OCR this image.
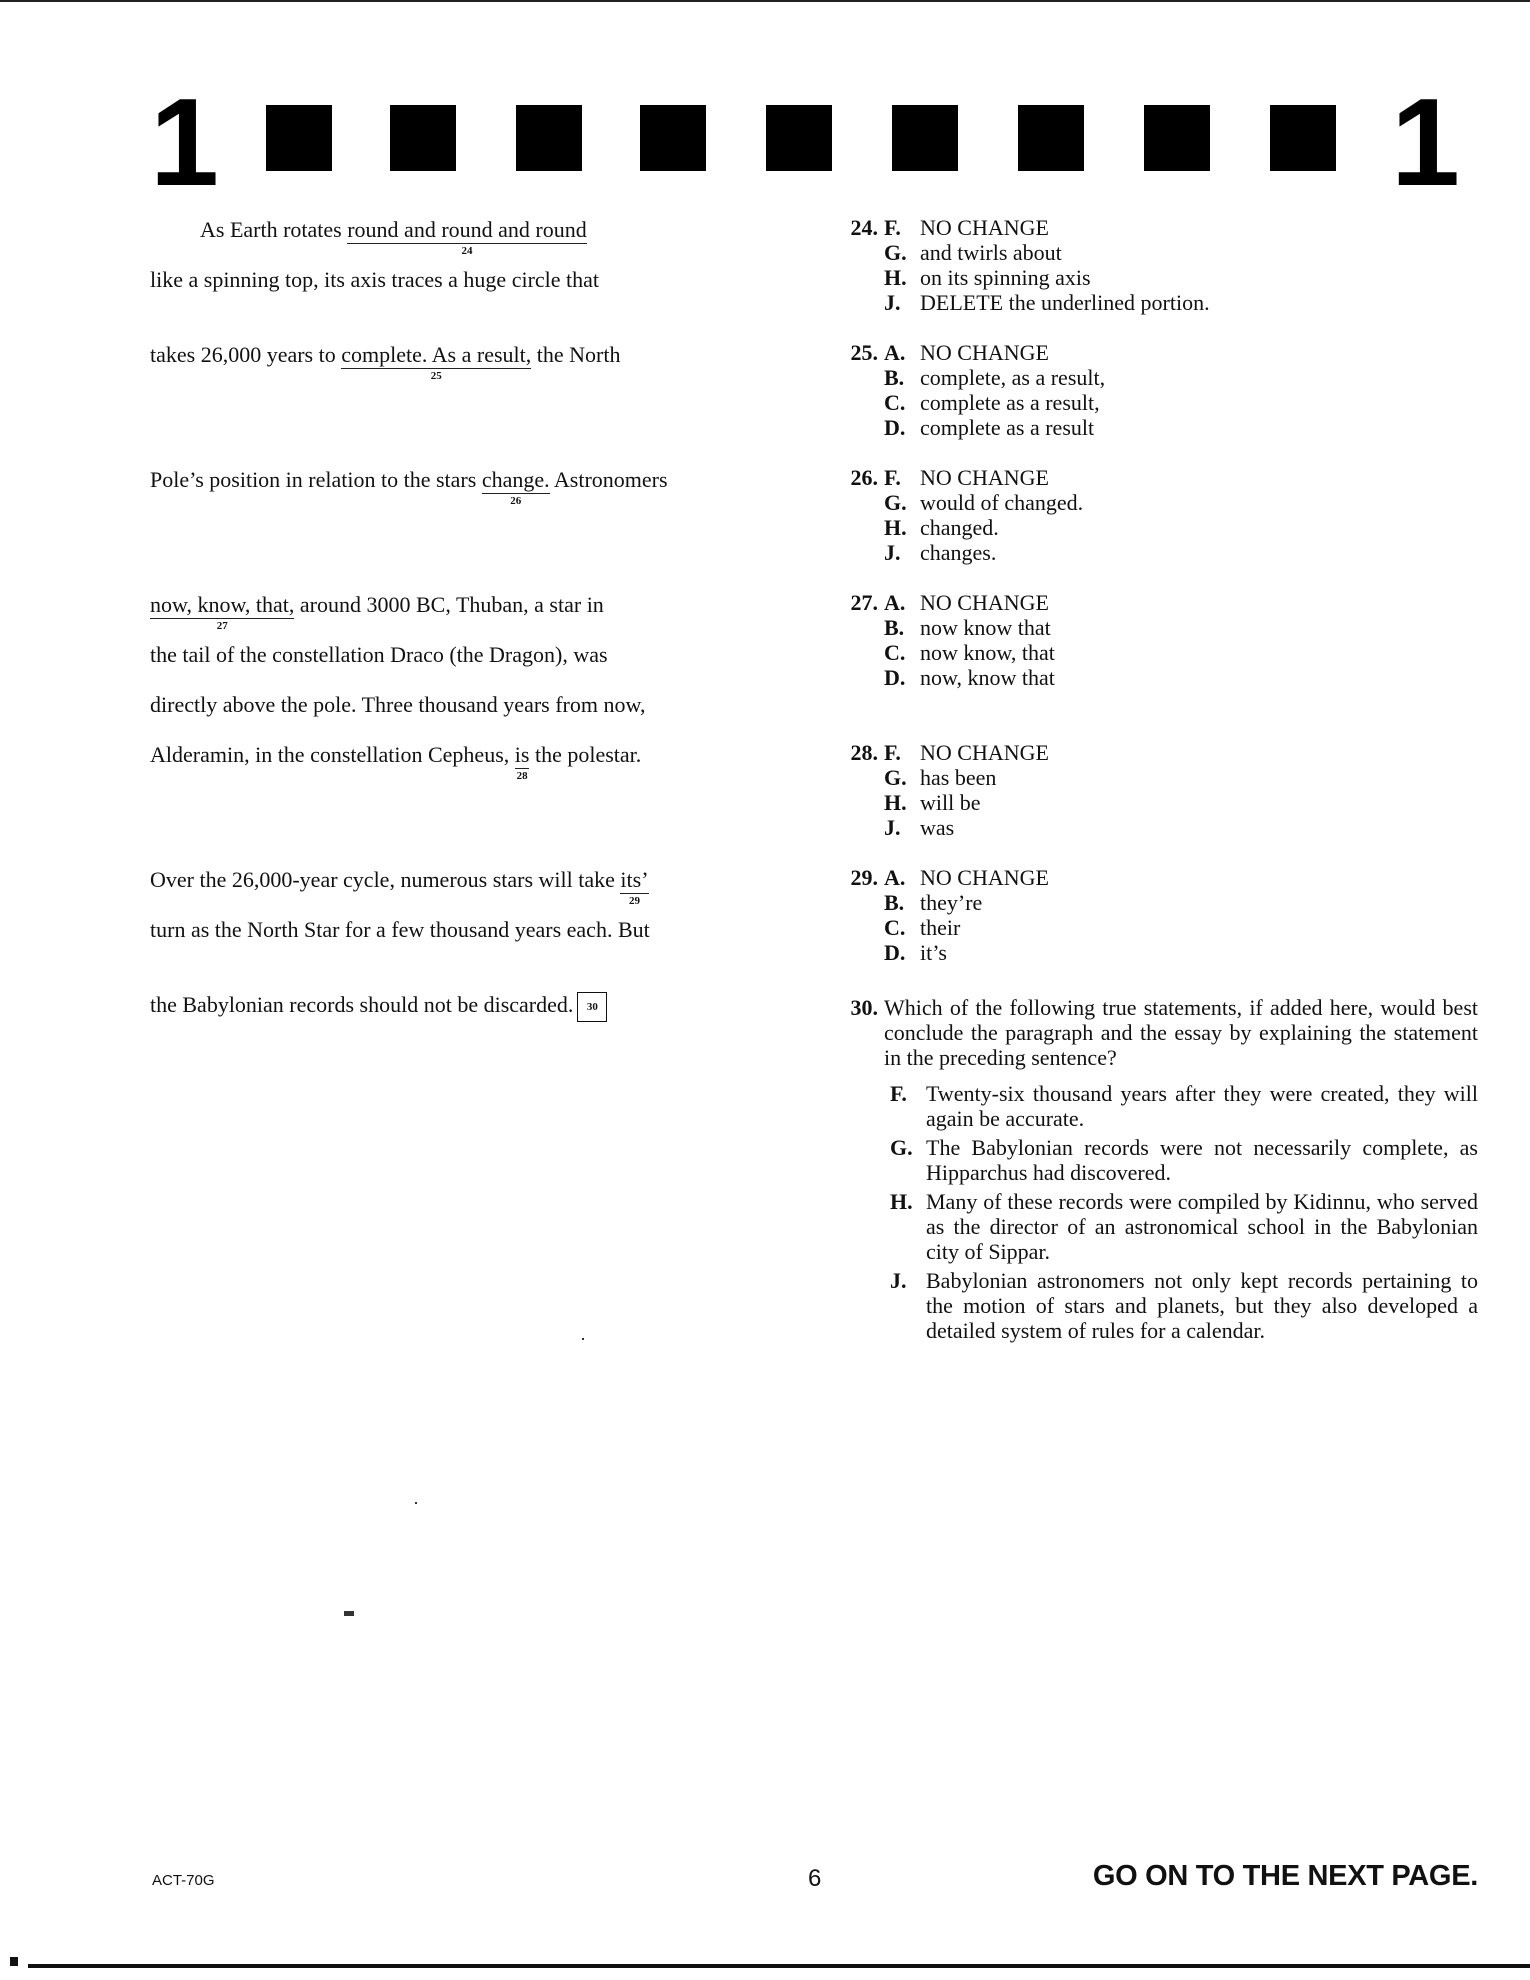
1	1
As Earth rotates round and round and round
24
like a spinning top, its axis traces a huge circle that
takes 26,000 years to complete. As a result,
25
the North
Pole’s position in relation to the stars change.
26
Astronomers
now, know, that,
27
around 3000 BC, Thuban, a star in
the tail of the constellation Draco (the Dragon), was
directly above the pole. Three thousand years from now,
Alderamin, in the constellation Cepheus, is
28
the polestar.
Over the 26,000-year cycle, numerous stars will take its’
29
turn as the North Star for a few thousand years each. But
the Babylonian records should not be discarded. 30
24. F. NO CHANGE
G. and twirls about
H. on its spinning axis
J. DELETE the underlined portion.
25. A. NO CHANGE
B. complete, as a result,
C. complete as a result,
D. complete as a result
26. F. NO CHANGE
G. would of changed.
H. changed.
J. changes.
27. A. NO CHANGE
B. now know that
C. now know, that
D. now, know that
28. F. NO CHANGE
G. has been
H. will be
J. was
29. A. NO CHANGE
B. they’re
C. their
D. it’s
30. Which of the following true statements, if added here, would best conclude the paragraph and the essay by explaining the statement in the preceding sentence?
F. Twenty-six thousand years after they were created, they will again be accurate.
G. The Babylonian records were not necessarily complete, as Hipparchus had discovered.
H. Many of these records were compiled by Kidinnu, who served as the director of an astronomical school in the Babylonian city of Sippar.
J. Babylonian astronomers not only kept records pertaining to the motion of stars and planets, but they also developed a detailed system of rules for a calendar.
ACT-70G	6	GO ON TO THE NEXT PAGE.
